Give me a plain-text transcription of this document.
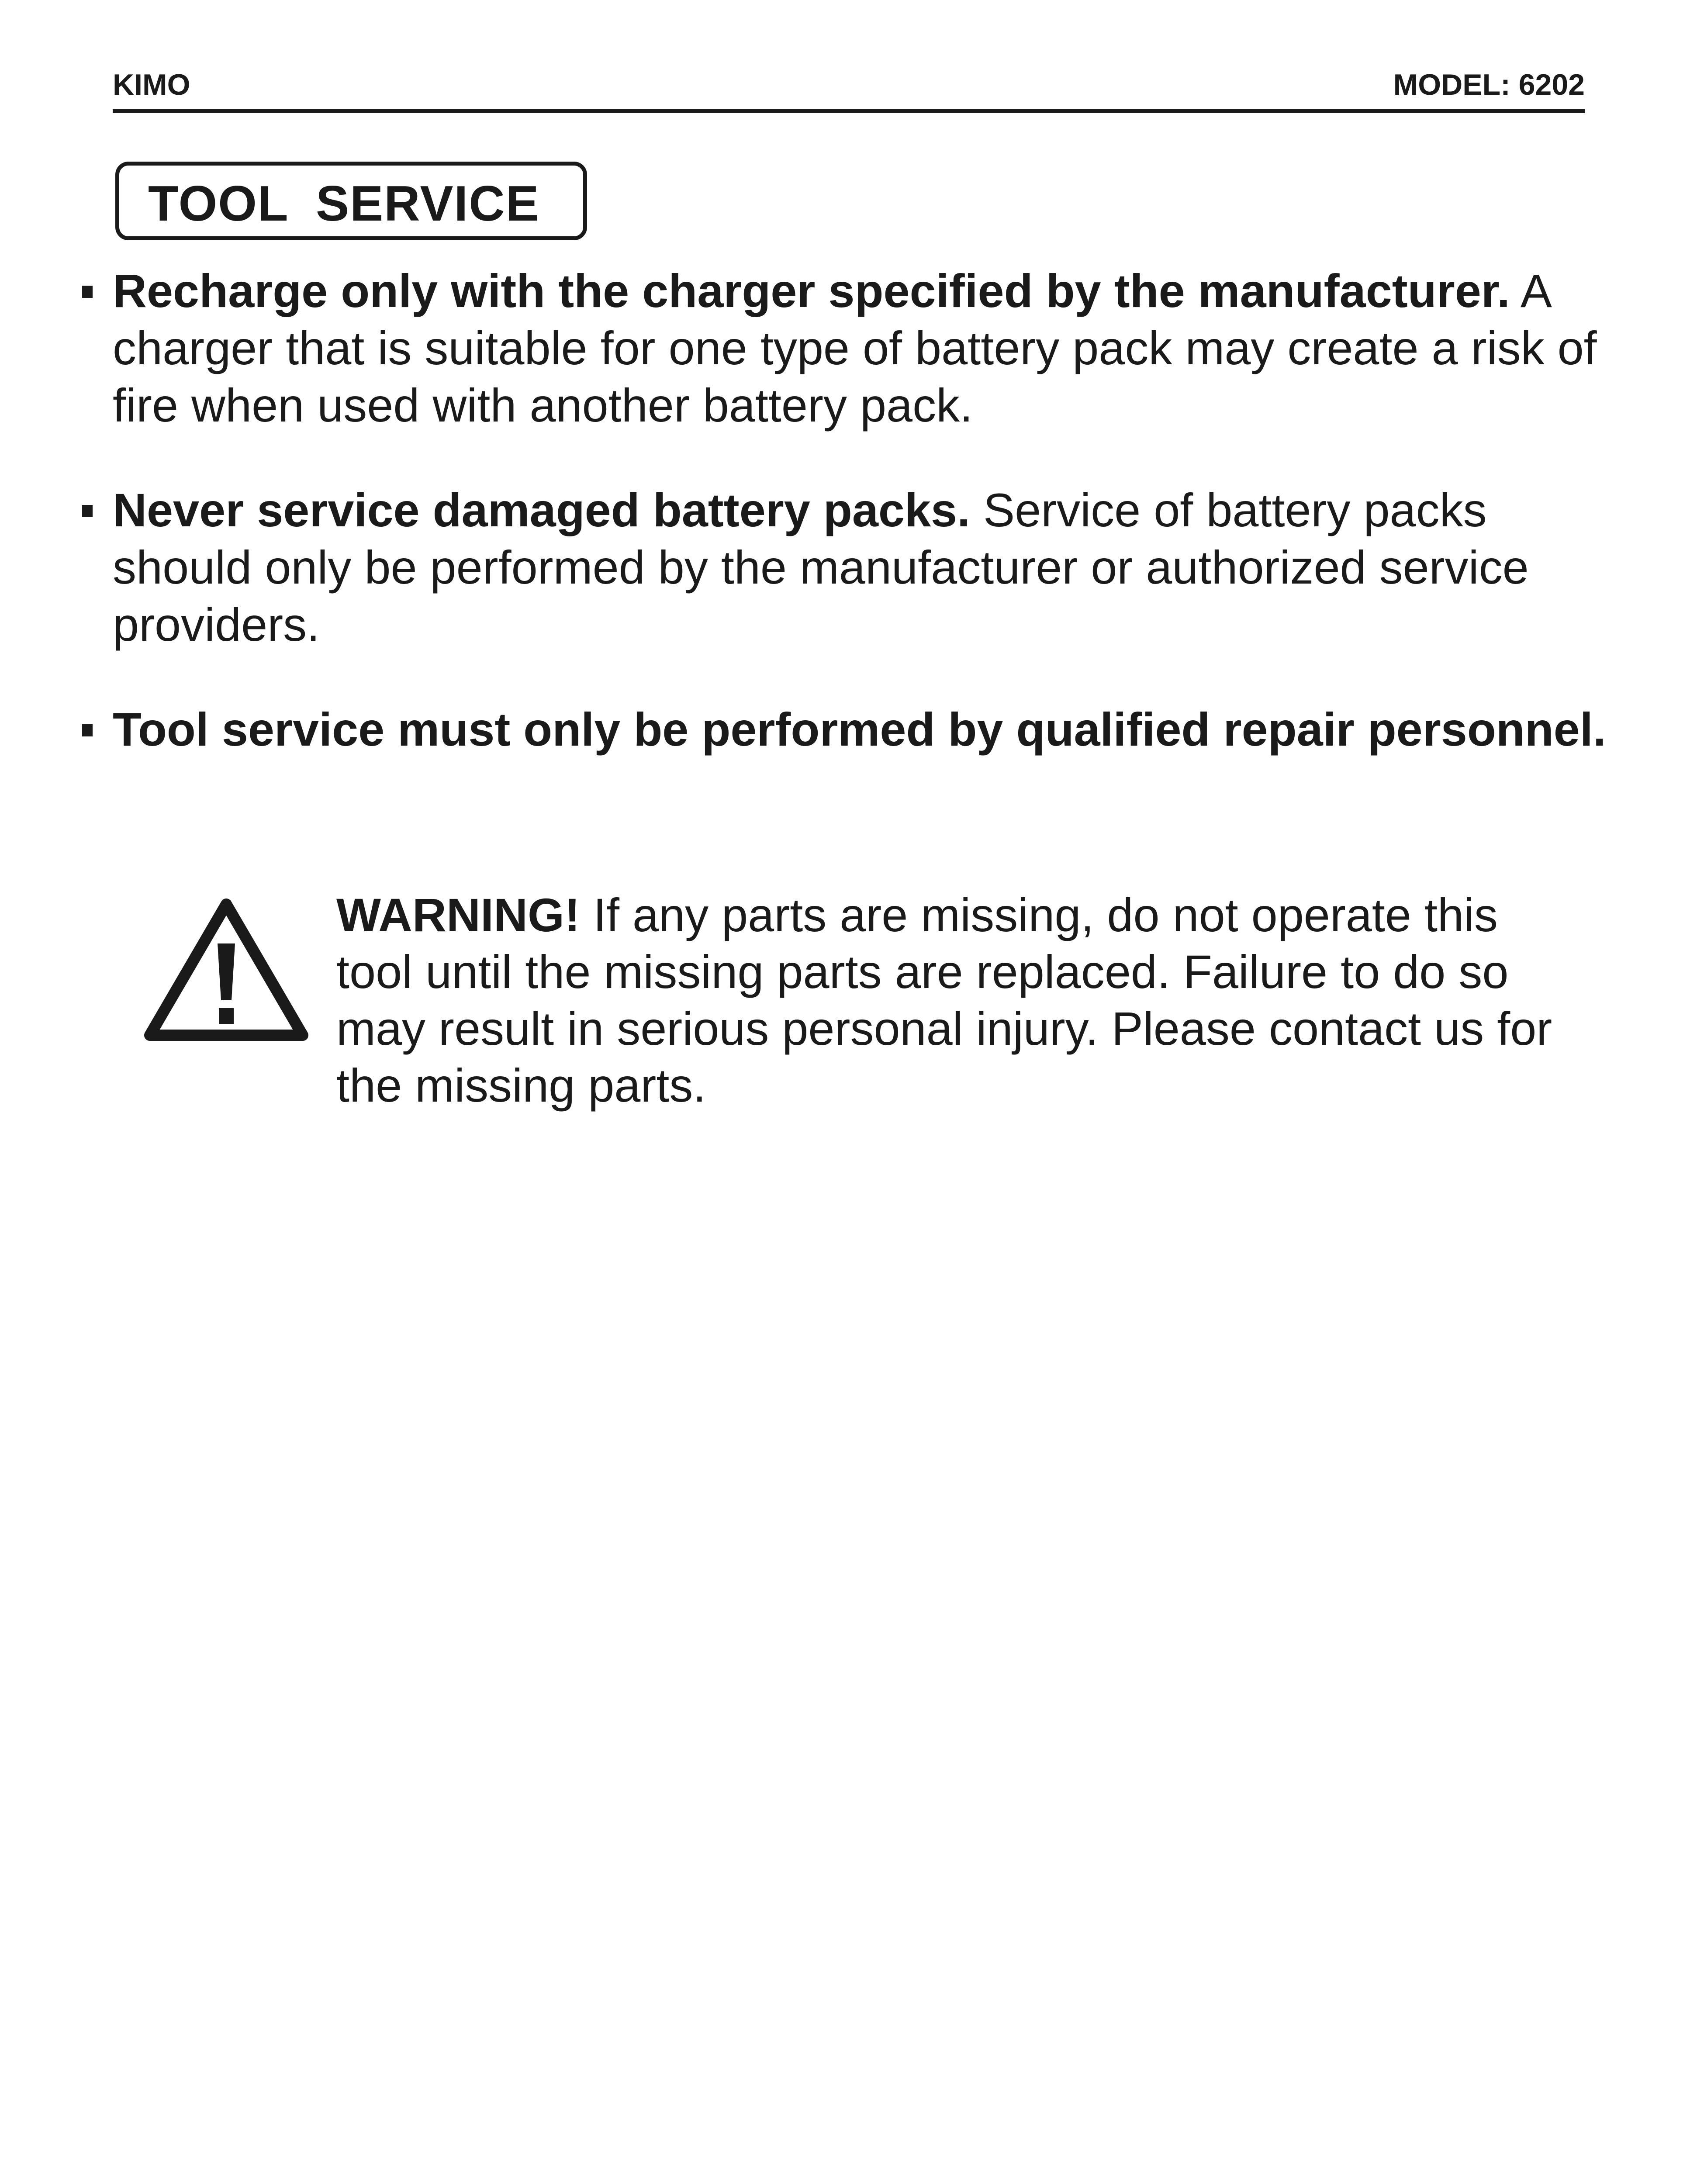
KIMO	MODEL: 6202
TOOL SERVICE
Recharge only with the charger specified by the manufacturer. A charger that is suitable for one type of battery pack may create a risk of fire when used with another battery pack.
Never service damaged battery packs. Service of battery packs should only be performed by the manufacturer or authorized service providers.
Tool service must only be performed by qualified repair personnel.
WARNING! If any parts are missing, do not operate this tool until the missing parts are replaced. Failure to do so may result in serious personal injury. Please contact us for the missing parts.
